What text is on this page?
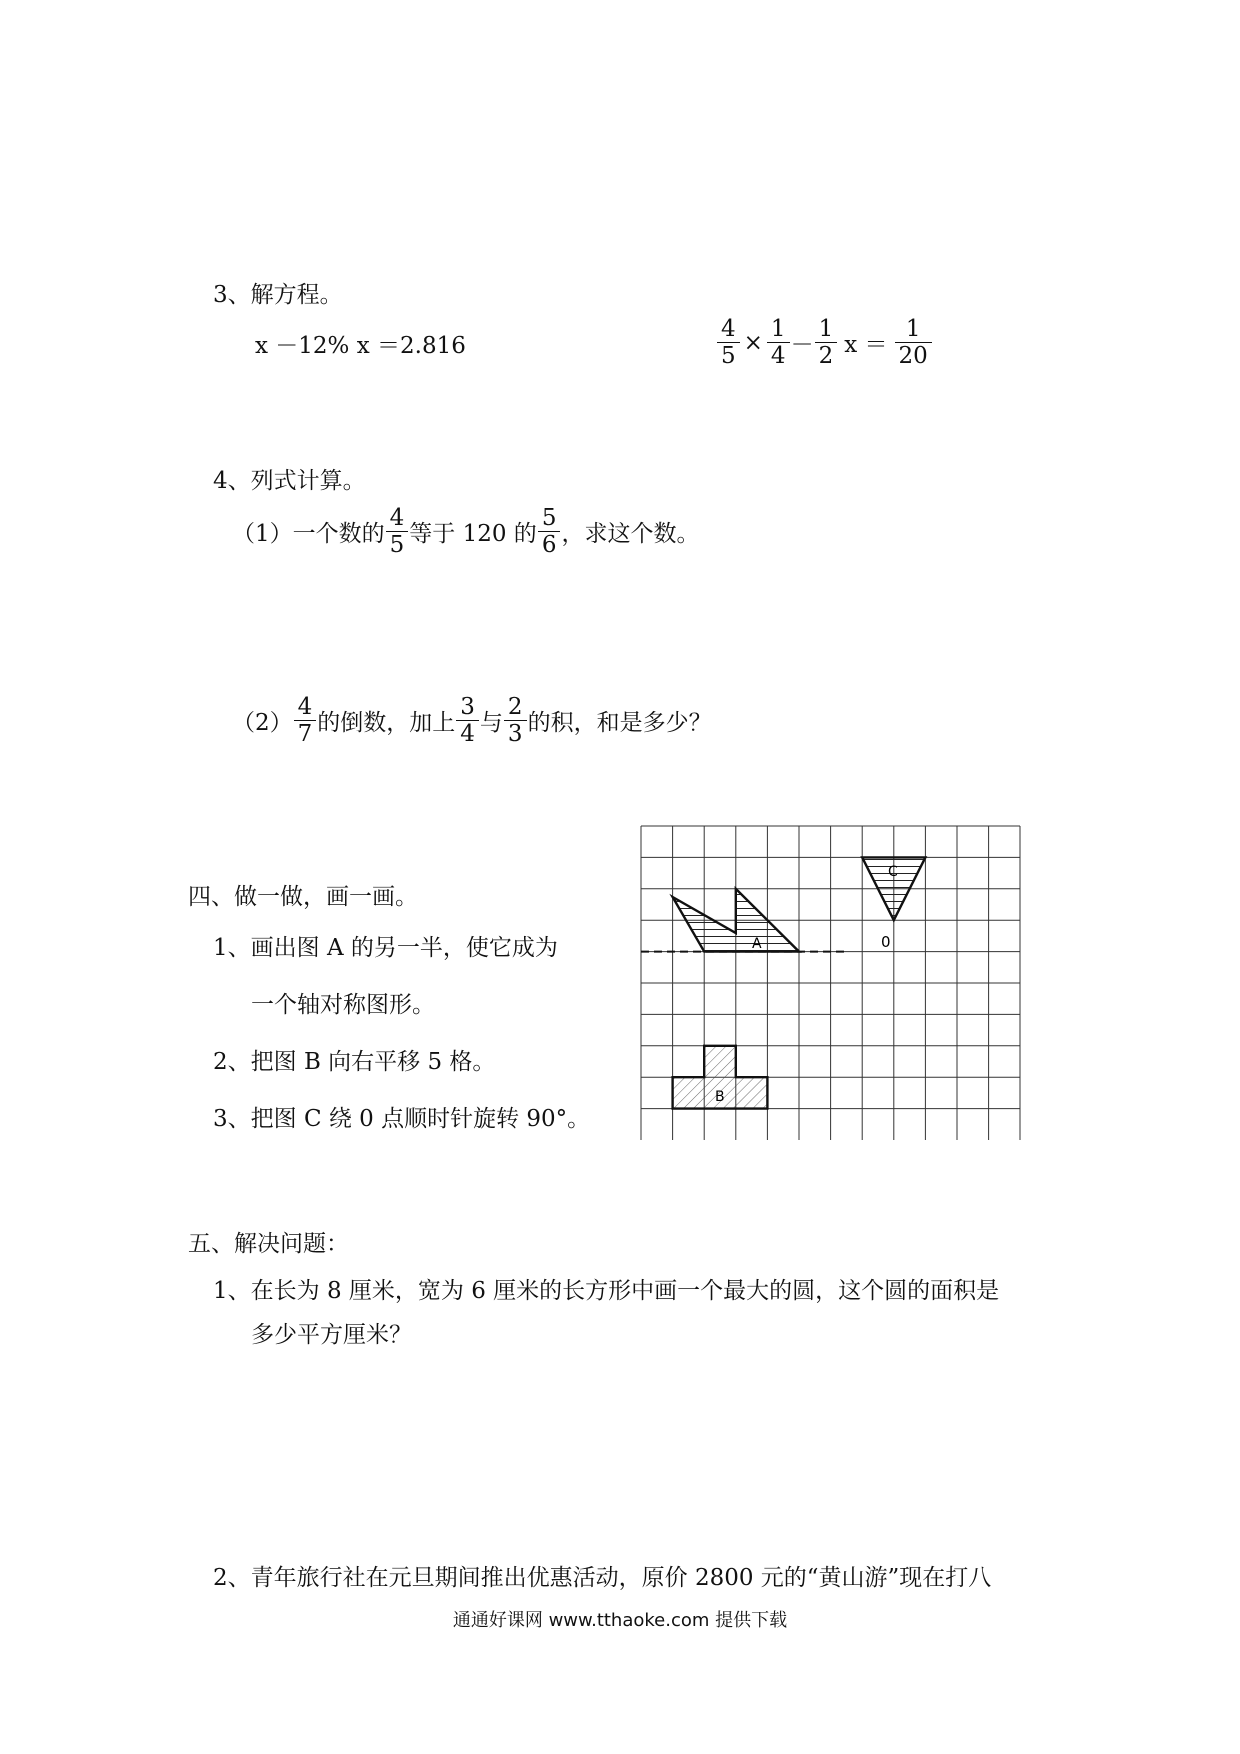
3、解方程。
x －12% x ＝2.816	$\frac{4}{5} \times \frac{1}{4} - \frac{1}{2}$ $x = \frac{1}{20}$
4、列式计算。
（1）一个数的 $\frac{4}{5}$ 等于 120 的 $\frac{5}{6}$ ，求这个数。
$(2) \frac{4}{7}$ 的倒数，加上 $\frac{3}{4}$ 与 $\frac{2}{3}$ 的积，和是多少？
四、做一做，画一画。
1、画出图 A 的另一半，使它成为
一个轴对称图形。
2、把图 B 向右平移 5 格。
3、把图 C 绕 0 点顺时针旋转 90°。
A
C
0
B
五、解决问题：
1、在长为 8 厘米，宽为 6 厘米的长方形中画一个最大的圆，这个圆的面积是
多少平方厘米？
2、青年旅行社在元旦期间推出优惠活动，原价 2800 元的“黄山游”现在打八
通通好课网 www.tthaoke.com 提供下载
